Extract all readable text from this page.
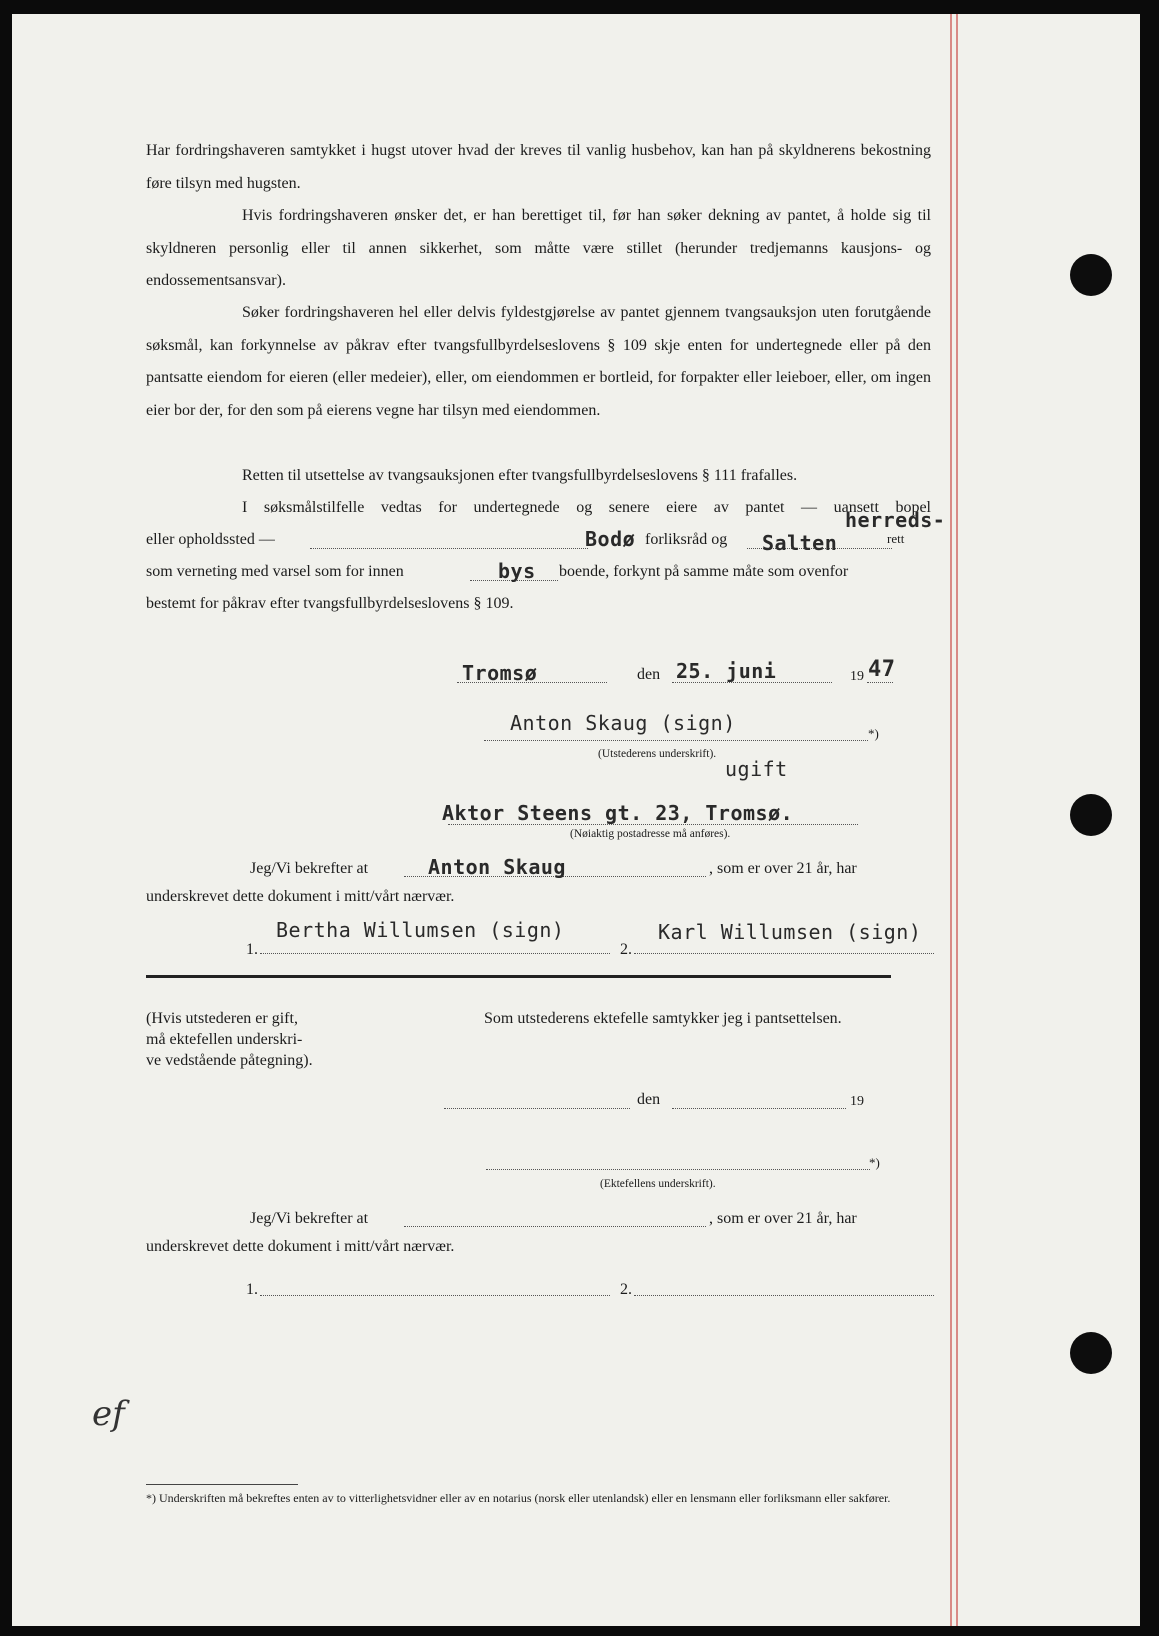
Har fordringshaveren samtykket i hugst utover hvad der kreves til vanlig husbehov, kan han på skyldnerens bekostning føre tilsyn med hugsten.
Hvis fordringshaveren ønsker det, er han berettiget til, før han søker dekning av pantet, å holde sig til skyldneren personlig eller til annen sikkerhet, som måtte være stillet (herunder tredjemanns kausjons- og endossementsansvar).
Søker fordringshaveren hel eller delvis fyldestgjørelse av pantet gjennem tvangsauksjon uten forutgående søksmål, kan forkynnelse av påkrav efter tvangsfullbyrdelseslovens § 109 skje enten for undertegnede eller på den pantsatte eiendom for eieren (eller medeier), eller, om eiendommen er bortleid, for forpakter eller leieboer, eller, om ingen eier bor der, for den som på eierens vegne har tilsyn med eiendommen.
Retten til utsettelse av tvangsauksjonen efter tvangsfullbyrdelseslovens § 111 frafalles.
I søksmålstilfelle vedtas for undertegnede og senere eiere av pantet — uansett bopel
eller opholdssted —	Bodø forliksråd og Salten	rett
herreds-
som verneting med varsel som for innen	bys boende, forkynt på samme måte som ovenfor
bestemt for påkrav efter tvangsfullbyrdelseslovens § 109.
Tromsø	den 25. juni	19 47
Anton Skaug (sign)	*)
(Utstederens underskrift).
ugift
Aktor Steens gt. 23, Tromsø.
(Nøiaktig postadresse må anføres).
Jeg/Vi bekrefter at	Anton Skaug	, som er over 21 år, har
underskrevet dette dokument i mitt/vårt nærvær.
1.
Bertha Willumsen (sign)
2.
Karl Willumsen (sign)
(Hvis utstederen er gift,
må ektefellen underskri-
ve vedstående påtegning).
Som utstederens ektefelle samtykker jeg i pantsettelsen.
den	19
*)
(Ektefellens underskrift).
Jeg/Vi bekrefter at	, som er over 21 år, har
underskrevet dette dokument i mitt/vårt nærvær.
1.	2.
ef
*) Underskriften må bekreftes enten av to vitterlighetsvidner eller av en notarius (norsk eller utenlandsk) eller en lensmann eller forliksmann eller sakfører.
